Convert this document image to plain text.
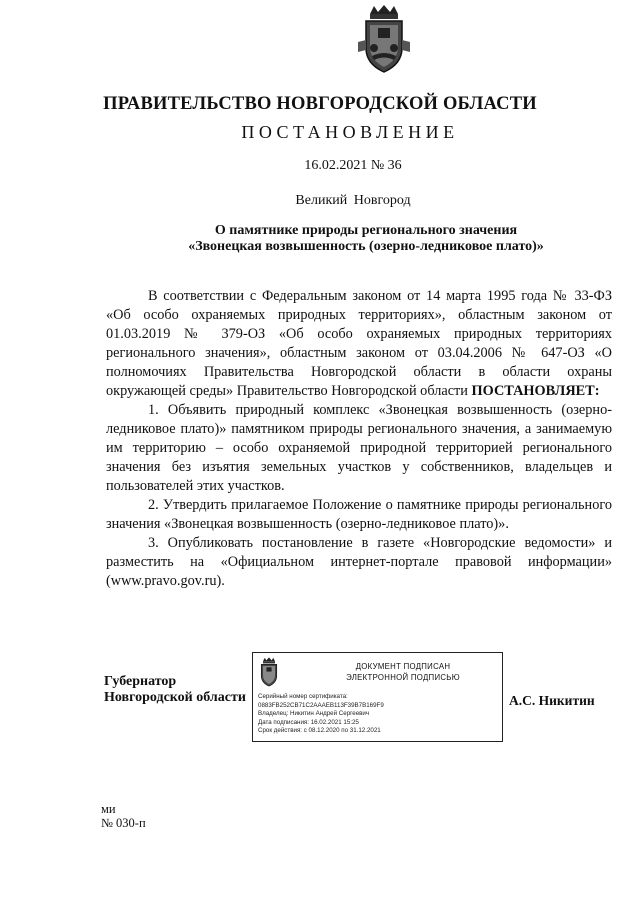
ПРАВИТЕЛЬСТВО НОВГОРОДСКОЙ ОБЛАСТИ
ПОСТАНОВЛЕНИЕ
16.02.2021 № 36
Великий Новгород
О памятнике природы регионального значения
«Звонецкая возвышенность (озерно-ледниковое плато)»

В соответствии с Федеральным законом от 14 марта 1995 года № 33-ФЗ «Об особо охраняемых природных территориях», областным законом от 01.03.2019 № 379-ОЗ «Об особо охраняемых природных территориях регионального значения», областным законом от 03.04.2006 № 647-ОЗ «О полномочиях Правительства Новгородской области в области охраны окружающей среды» Правительство Новгородской области ПОСТАНОВЛЯЕТ:

1. Объявить природный комплекс «Звонецкая возвышенность (озерно-ледниковое плато)» памятником природы регионального значения, а занимаемую им территорию – особо охраняемой природной территорией регионального значения без изъятия земельных участков у собственников, владельцев и пользователей этих участков.

2. Утвердить прилагаемое Положение о памятнике природы регионального значения «Звонецкая возвышенность (озерно-ледниковое плато)».

3. Опубликовать постановление в газете «Новгородские ведомости» и разместить на «Официальном интернет-портале правовой информации» (www.pravo.gov.ru).

Губернатор
Новгородской области
ДОКУМЕНТ ПОДПИСАН
ЭЛЕКТРОННОЙ ПОДПИСЬЮ
Серийный номер сертификата:
0883FB252CB71C2AAAEB113F39B7B169F9
Владелец: Никитин Андрей Сергеевич
Дата подписания: 16.02.2021 15:25
Срок действия: с 08.12.2020 по 31.12.2021
А.С. Никитин
ми
№ 030-п
